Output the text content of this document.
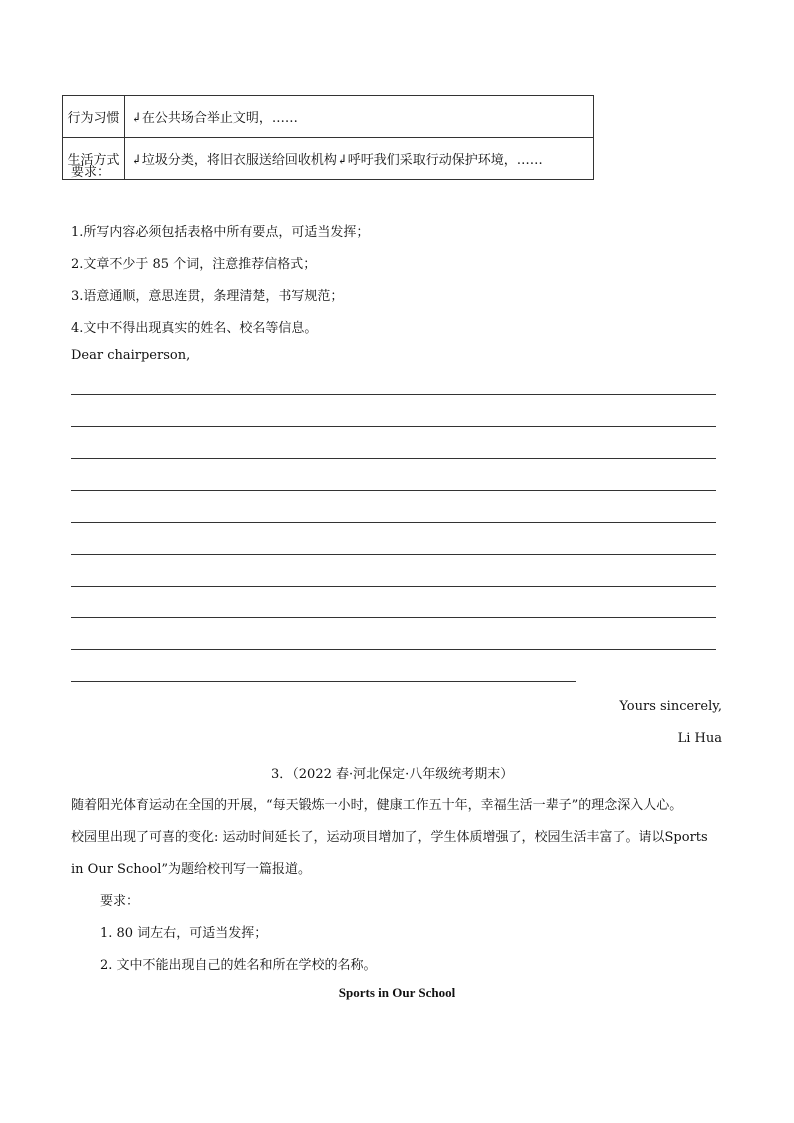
行为习惯	↲在公共场合举止文明，……
生活方式	↲垃圾分类，将旧衣服送给回收机构↲呼吁我们采取行动保护环境，……
要求：
1.所写内容必须包括表格中所有要点，可适当发挥；
2.文章不少于 85 个词，注意推荐信格式；
3.语意通顺，意思连贯，条理清楚，书写规范；
4.文中不得出现真实的姓名、校名等信息。
Dear chairperson,
Yours sincerely,
Li Hua
3．（2022 春·河北保定·八年级统考期末）
随着阳光体育运动在全国的开展，“每天锻炼一小时，健康工作五十年，幸福生活一辈子”的理念深入人心。
校园里出现了可喜的变化: 运动时间延长了，运动项目增加了，学生体质增强了，校园生活丰富了。请以Sports
in Our School”为题给校刊写一篇报道。
要求：
1. 80 词左右，可适当发挥；
2. 文中不能出现自己的姓名和所在学校的名称。
Sports in Our School
